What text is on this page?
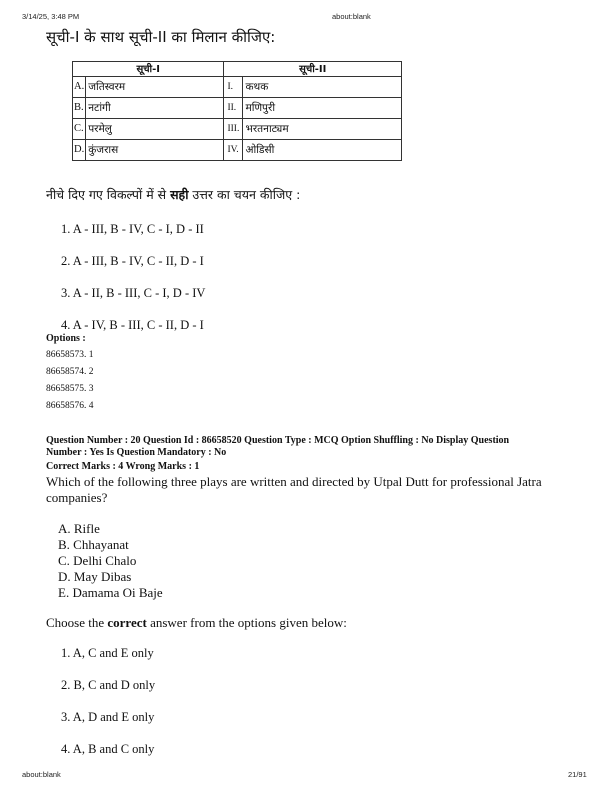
3/14/25, 3:48 PM	about:blank
सूची-I के साथ सूची-II का मिलान कीजिए:
सूची-I		सूची-II	
A.	जतिस्वरम	I.	कथक
B.	नटांगी	II.	मणिपुरी
C.	परमेलु	III.	भरतनाट्यम
D.	कुंजरास	IV.	ओडिसी
नीचे दिए गए विकल्पों में से सही उत्तर का चयन कीजिए :
1. A - III, B - IV, C - I, D - II
2. A - III, B - IV, C - II, D - I
3. A - II, B - III, C - I, D - IV
4. A - IV, B - III, C - II, D - I
Options :
86658573. 1
86658574. 2
86658575. 3
86658576. 4
Question Number : 20 Question Id : 86658520 Question Type : MCQ Option Shuffling : No Display Question
Number : Yes Is Question Mandatory : No
Correct Marks : 4 Wrong Marks : 1
Which of the following three plays are written and directed by Utpal Dutt for professional Jatra companies?
A. Rifle
B. Chhayanat
C. Delhi Chalo
D. May Dibas
E. Damama Oi Baje
Choose the correct answer from the options given below:
1. A, C and E only
2. B, C and D only
3. A, D and E only
4. A, B and C only
about:blank	21/91
